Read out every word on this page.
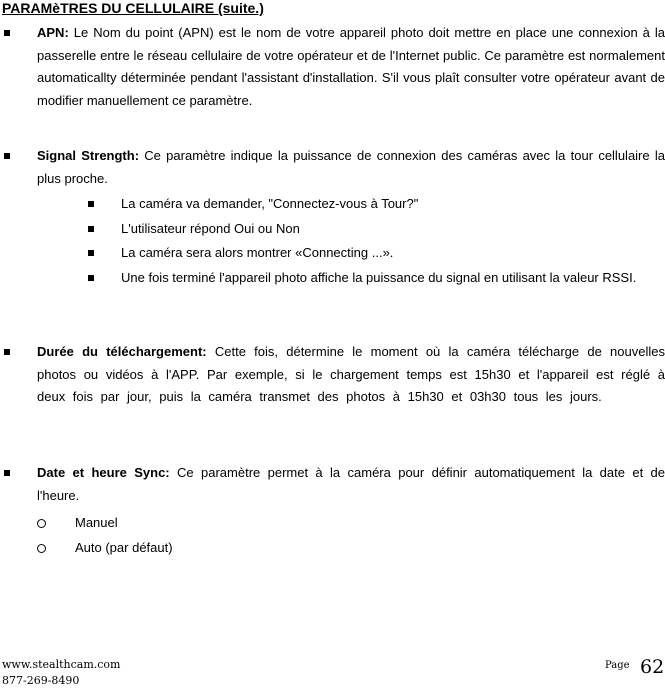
PARAMèTRES DU CELLULAIRE (suite.)
APN: Le Nom du point (APN) est le nom de votre appareil photo doit mettre en place une connexion à la passerelle entre le réseau cellulaire de votre opérateur et de l'Internet public. Ce paramètre est normalement automaticallty déterminée pendant l'assistant d'installation. S'il vous plaît consulter votre opérateur avant de modifier manuellement ce paramètre.
Signal Strength: Ce paramètre indique la puissance de connexion des caméras avec la tour cellulaire la plus proche.
La caméra va demander, "Connectez-vous à Tour?"
L'utilisateur répond Oui ou Non
La caméra sera alors montrer «Connecting ...».
Une fois terminé l'appareil photo affiche la puissance du signal en utilisant la valeur RSSI.
Durée du téléchargement: Cette fois, détermine le moment où la caméra télécharge de nouvelles photos ou vidéos à l'APP. Par exemple, si le chargement temps est 15h30 et l'appareil est réglé à deux fois par jour, puis la caméra transmet des photos à 15h30 et 03h30 tous les jours.
Date et heure Sync: Ce paramètre permet à la caméra pour définir automatiquement la date et de l'heure.
Manuel
Auto (par défaut)
www.stealthcam.com
877-269-8490
Page 62
